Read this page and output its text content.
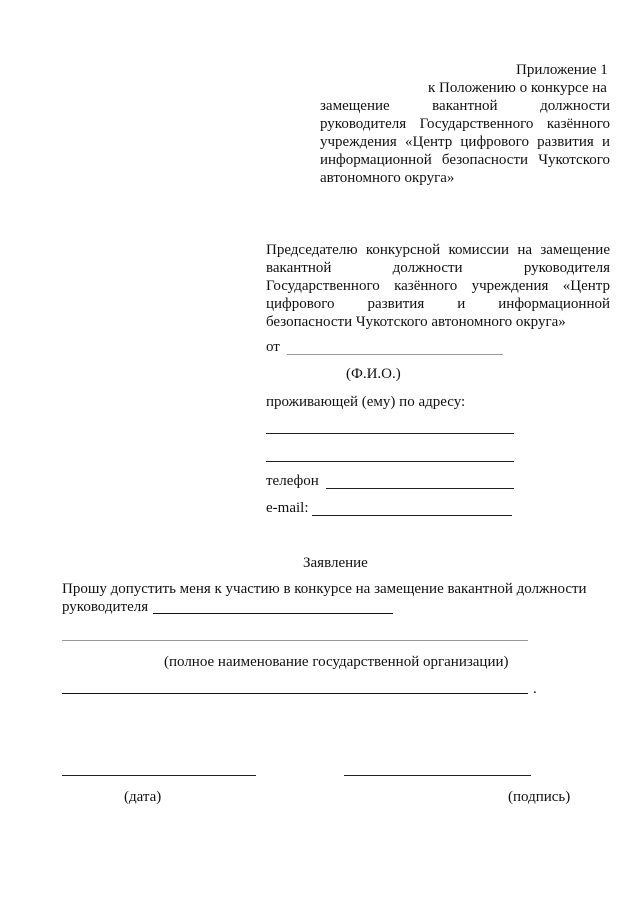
Приложение 1
к Положению о конкурсе на
замещение вакантной должности
руководителя Государственного казённого
учреждения «Центр цифрового развития и
информационной безопасности Чукотского
автономного округа»
Председателю конкурсной комиссии на замещение
вакантной должности руководителя
Государственного казённого учреждения «Центр
цифрового развития и информационной
безопасности Чукотского автономного округа»
от
(Ф.И.О.)
проживающей (ему) по адресу:
телефон
e-mail:
Заявление
Прошу допустить меня к участию в конкурсе на замещение вакантной должности
руководителя
(полное наименование государственной организации)
.
(дата)	(подпись)
